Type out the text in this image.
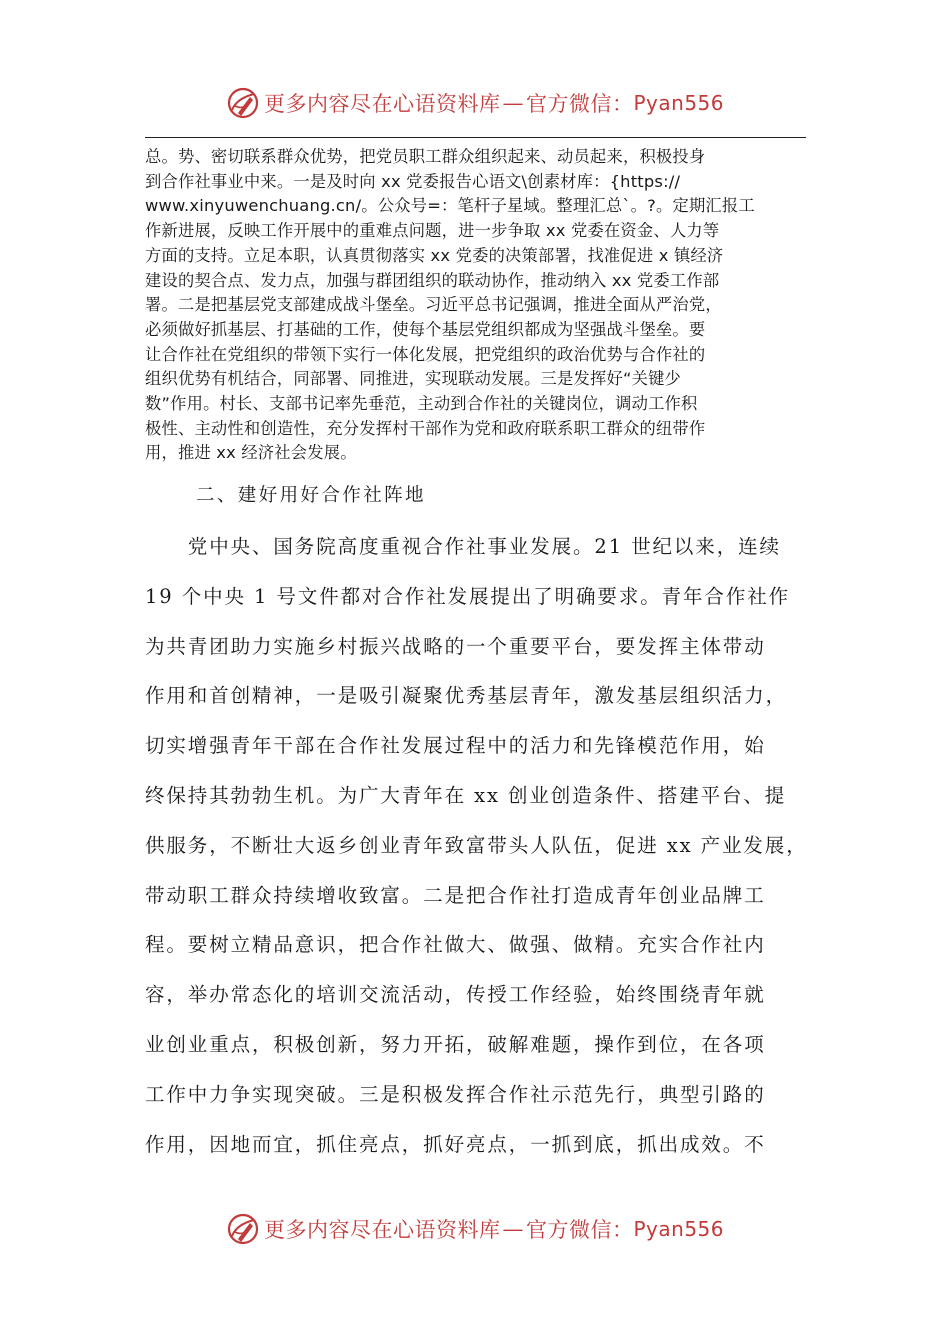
更多内容尽在心语资料库 — 官方微信： Pyan556

总。势、密切联系群众优势，把党员职工群众组织起来、动员起来，积极投身
到合作社事业中来。一是及时向 xx 党委报告心语文\创素材库：{https://
www.xinyuwenchuang.cn/。公众号=：笔杆子星域。整理汇总`。?。定期汇报工
作新进展，反映工作开展中的重难点问题，进一步争取 xx 党委在资金、人力等
方面的支持。立足本职，认真贯彻落实 xx 党委的决策部署，找准促进 x 镇经济
建设的契合点、发力点，加强与群团组织的联动协作，推动纳入 xx 党委工作部
署。二是把基层党支部建成战斗堡垒。习近平总书记强调，推进全面从严治党，
必须做好抓基层、打基础的工作，使每个基层党组织都成为坚强战斗堡垒。要
让合作社在党组织的带领下实行一体化发展，把党组织的政治优势与合作社的
组织优势有机结合，同部署、同推进，实现联动发展。三是发挥好“关键少
数”作用。村长、支部书记率先垂范，主动到合作社的关键岗位，调动工作积
极性、主动性和创造性，充分发挥村干部作为党和政府联系职工群众的纽带作
用，推进 xx 经济社会发展。

二、建好用好合作社阵地

　　党中央、国务院高度重视合作社事业发展。21 世纪以来，连续
19 个中央 1 号文件都对合作社发展提出了明确要求。青年合作社作
为共青团助力实施乡村振兴战略的一个重要平台，要发挥主体带动
作用和首创精神，一是吸引凝聚优秀基层青年，激发基层组织活力，
切实增强青年干部在合作社发展过程中的活力和先锋模范作用，始
终保持其勃勃生机。为广大青年在 xx 创业创造条件、搭建平台、提
供服务，不断壮大返乡创业青年致富带头人队伍，促进 xx 产业发展，
带动职工群众持续增收致富。二是把合作社打造成青年创业品牌工
程。要树立精品意识，把合作社做大、做强、做精。充实合作社内
容，举办常态化的培训交流活动，传授工作经验，始终围绕青年就
业创业重点，积极创新，努力开拓，破解难题，操作到位，在各项
工作中力争实现突破。三是积极发挥合作社示范先行，典型引路的
作用，因地而宜，抓住亮点，抓好亮点，一抓到底，抓出成效。不
更多内容尽在心语资料库 — 官方微信： Pyan556
